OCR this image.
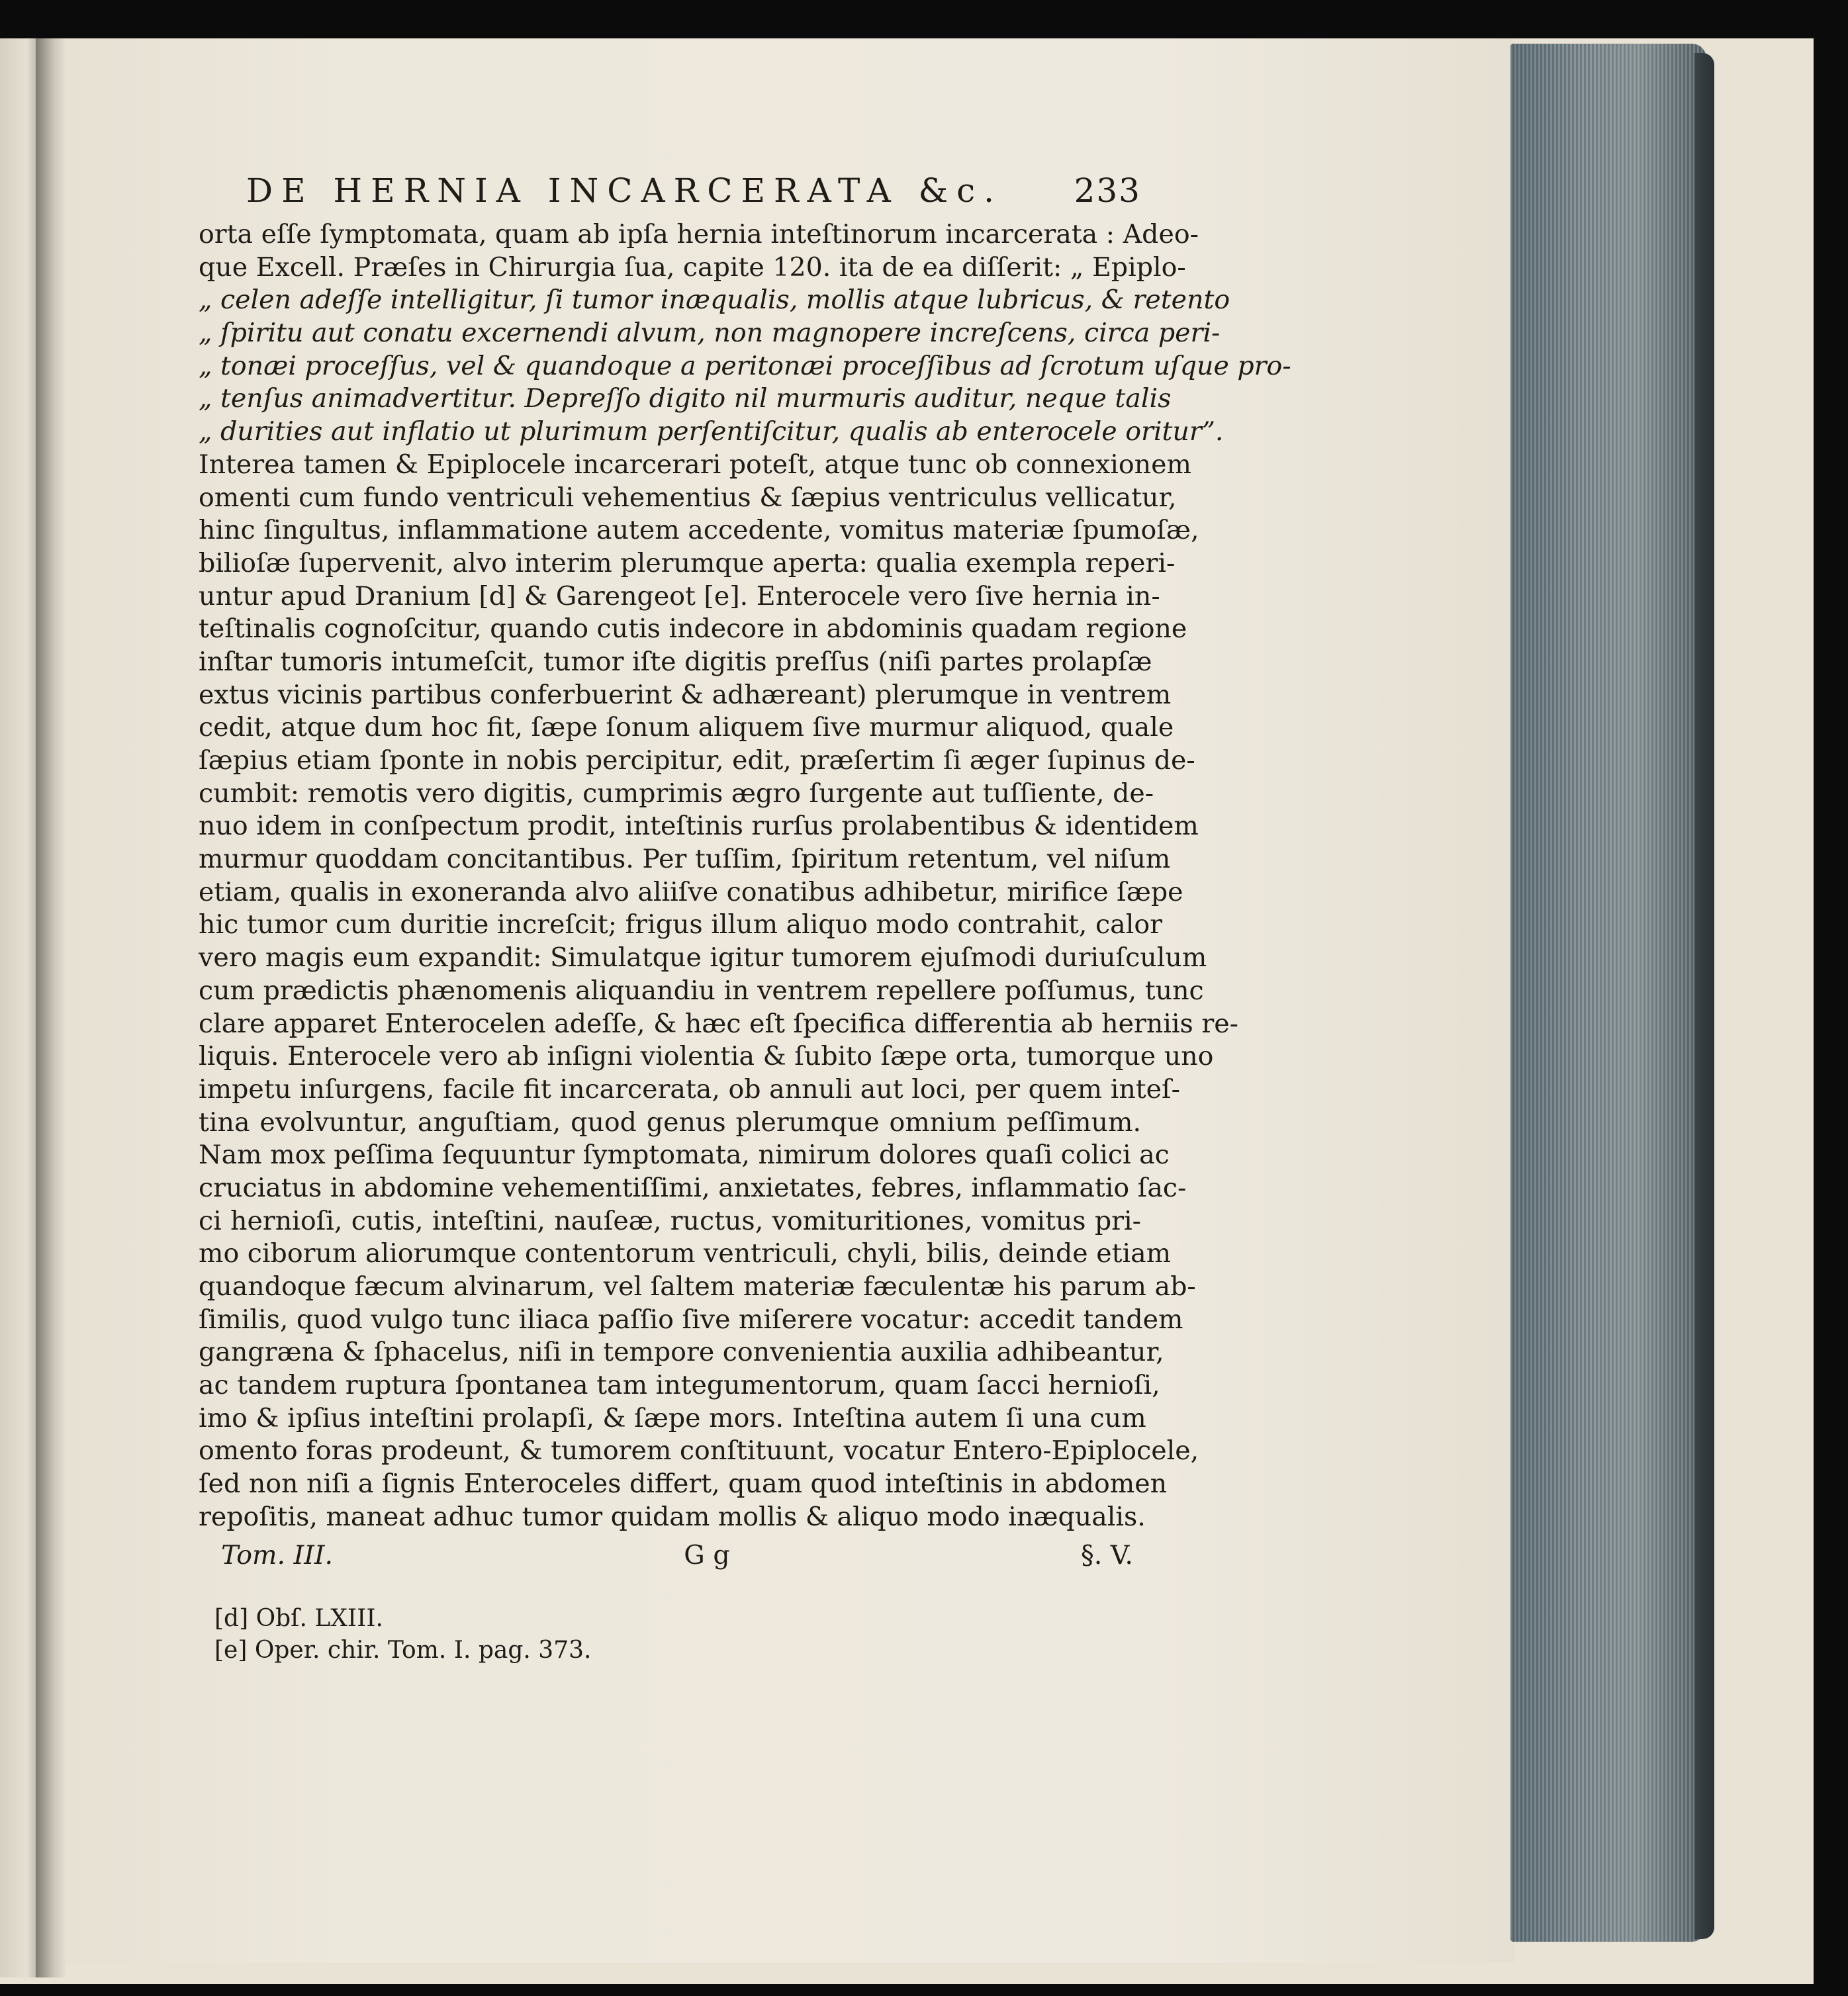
DE HERNIA INCARCERATA &c. 233
orta eſſe ſymptomata, quam ab ipſa hernia inteſtinorum incarcerata : Adeo-
que Excell. Præſes in Chirurgia ſua, capite 120. ita de ea diſſerit: „ Epiplo-
„ celen adeſſe intelligitur, ſi tumor inæqualis, mollis atque lubricus, & retento
„ ſpiritu aut conatu excernendi alvum, non magnopere increſcens, circa peri-
„ tonæi proceſſus, vel & quandoque a peritonæi proceſſibus ad ſcrotum uſque pro-
„ tenſus animadvertitur. Depreſſo digito nil murmuris auditur, neque talis
„ durities aut inflatio ut plurimum perſentiſcitur, qualis ab enterocele oritur”.
Interea tamen & Epiplocele incarcerari poteſt, atque tunc ob connexionem
omenti cum fundo ventriculi vehementius & ſæpius ventriculus vellicatur,
hinc ſingultus, inflammatione autem accedente, vomitus materiæ ſpumoſæ,
bilioſæ ſupervenit, alvo interim plerumque aperta: qualia exempla reperi-
untur apud Dranium [d] & Garengeot [e]. Enterocele vero ſive hernia in-
teſtinalis cognoſcitur, quando cutis indecore in abdominis quadam regione
inſtar tumoris intumeſcit, tumor iſte digitis preſſus (niſi partes prolapſæ
extus vicinis partibus conferbuerint & adhæreant) plerumque in ventrem
cedit, atque dum hoc fit, ſæpe ſonum aliquem ſive murmur aliquod, quale
ſæpius etiam ſponte in nobis percipitur, edit, præſertim ſi æger ſupinus de-
cumbit: remotis vero digitis, cumprimis ægro ſurgente aut tuſſiente, de-
nuo idem in conſpectum prodit, inteſtinis rurſus prolabentibus & identidem
murmur quoddam concitantibus. Per tuſſim, ſpiritum retentum, vel niſum
etiam, qualis in exoneranda alvo aliiſve conatibus adhibetur, mirifice ſæpe
hic tumor cum duritie increſcit; frigus illum aliquo modo contrahit, calor
vero magis eum expandit: Simulatque igitur tumorem ejuſmodi duriuſculum
cum prædictis phænomenis aliquandiu in ventrem repellere poſſumus, tunc
clare apparet Enterocelen adeſſe, & hæc eſt ſpecifica differentia ab herniis re-
liquis. Enterocele vero ab inſigni violentia & ſubito ſæpe orta, tumorque uno
impetu inſurgens, facile fit incarcerata, ob annuli aut loci, per quem inteſ-
tina evolvuntur, anguſtiam, quod genus plerumque omnium peſſimum.
Nam mox peſſima ſequuntur ſymptomata, nimirum dolores quaſi colici ac
cruciatus in abdomine vehementiſſimi, anxietates, febres, inflammatio ſac-
ci hernioſi, cutis, inteſtini, nauſeæ, ructus, vomituritiones, vomitus pri-
mo ciborum aliorumque contentorum ventriculi, chyli, bilis, deinde etiam
quandoque fæcum alvinarum, vel ſaltem materiæ fæculentæ his parum ab-
ſimilis, quod vulgo tunc iliaca paſſio ſive miſerere vocatur: accedit tandem
gangræna & ſphacelus, niſi in tempore convenientia auxilia adhibeantur,
ac tandem ruptura ſpontanea tam integumentorum, quam ſacci hernioſi,
imo & ipſius inteſtini prolapſi, & ſæpe mors. Inteſtina autem ſi una cum
omento foras prodeunt, & tumorem conſtituunt, vocatur Entero-Epiplocele,
ſed non niſi a ſignis Enteroceles differt, quam quod inteſtinis in abdomen
repoſitis, maneat adhuc tumor quidam mollis & aliquo modo inæqualis.
Tom. III.	G g	§. V.
[d] Obſ. LXIII.
[e] Oper. chir. Tom. I. pag. 373.
